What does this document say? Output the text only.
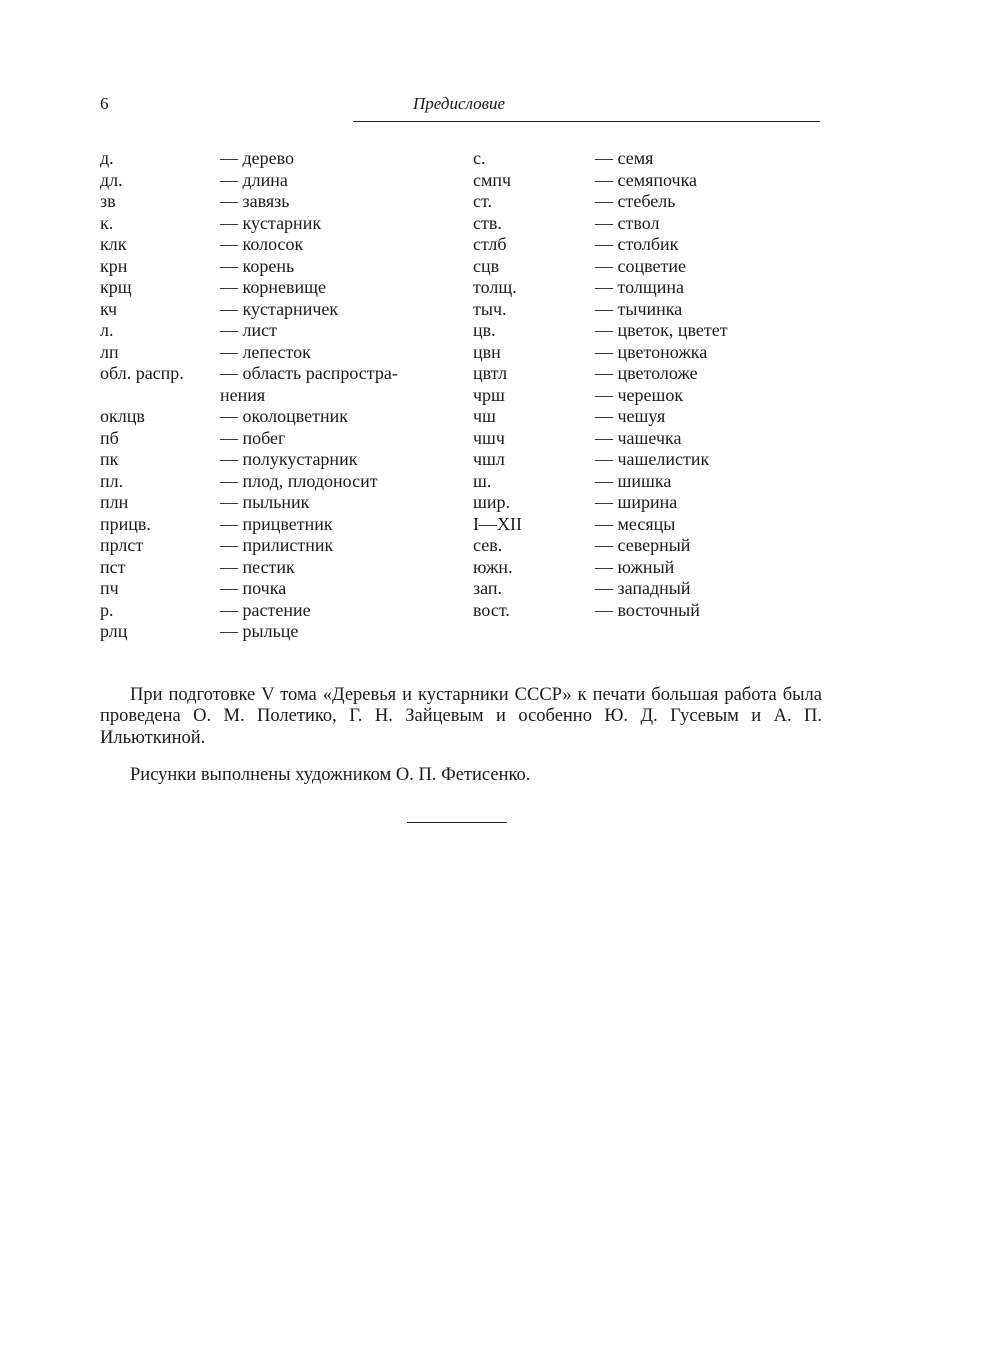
6	Предисловие
д.	— дерево
дл.	— длина
зв	— завязь
к.	— кустарник
клк	— колосок
крн	— корень
крщ	— корневище
кч	— кустарничек
л.	— лист
лп	— лепесток
обл. распр. — область распростра-
нения
оклцв	— околоцветник
пб	— побег
пк	— полукустарник
пл.	— плод, плодоносит
плн	— пыльник
прицв.	— прицветник
прлст	— прилистник
пст	— пестик
пч	— почка
р.	— растение
рлц	— рыльце
с.	— семя
смпч	— семяпочка
ст.	— стебель
ств.	— ствол
стлб	— столбик
сцв	— соцветие
толщ.	— толщина
тыч.	— тычинка
цв.	— цветок, цветет
цвн	— цветоножка
цвтл	— цветоложе
чрш	— черешок
чш	— чешуя
чшч	— чашечка
чшл	— чашелистик
ш.	— шишка
шир.	— ширина
I—XII	— месяцы
сев.	— северный
южн.	— южный
зап.	— западный
вост.	— восточный

При подготовке V тома «Деревья и кустарники СССР» к печати большая работа была проведена О. М. Полетико, Г. Н. Зайцевым и особенно Ю. Д. Гусевым и А. П. Ильюткиной.

Рисунки выполнены художником О. П. Фетисенко.
